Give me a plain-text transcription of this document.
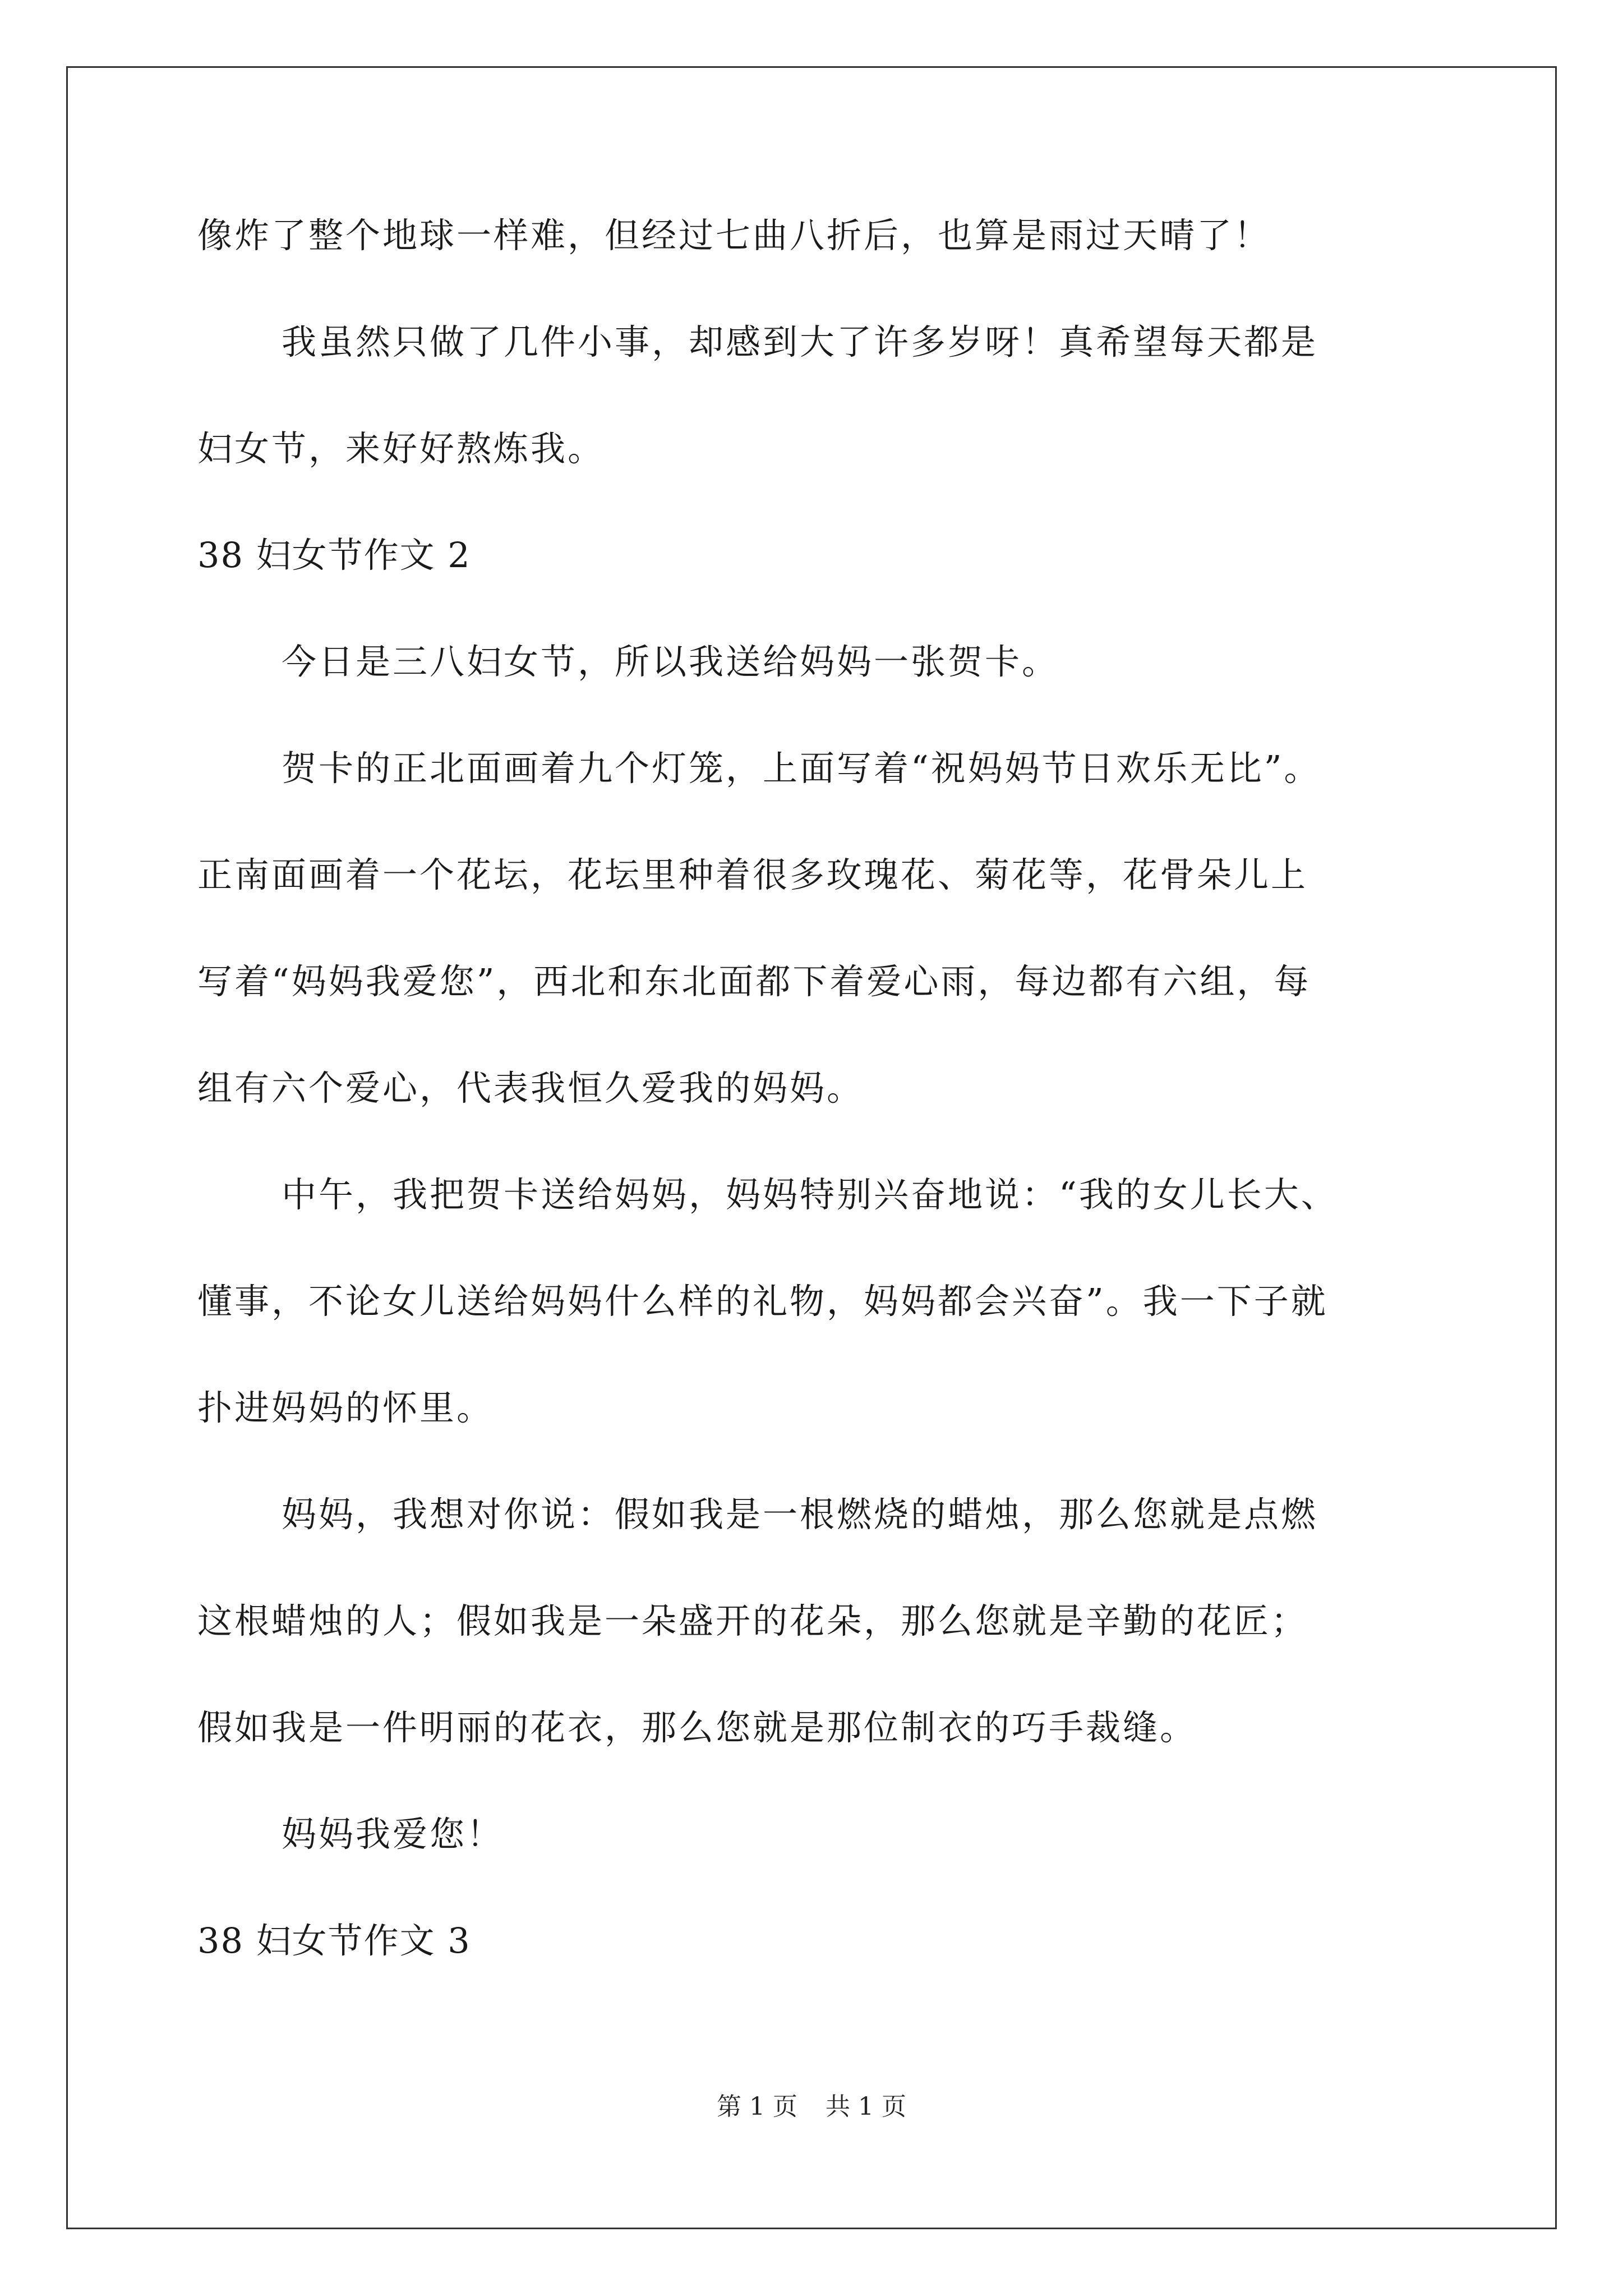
像炸了整个地球一样难，但经过七曲八折后，也算是雨过天晴了！

我虽然只做了几件小事，却感到大了许多岁呀！真希望每天都是

妇女节，来好好熬炼我。

38 妇女节作文 2

今日是三八妇女节，所以我送给妈妈一张贺卡。

贺卡的正北面画着九个灯笼，上面写着“祝妈妈节日欢乐无比”。

正南面画着一个花坛，花坛里种着很多玫瑰花、菊花等，花骨朵儿上

写着“妈妈我爱您”，西北和东北面都下着爱心雨，每边都有六组，每

组有六个爱心，代表我恒久爱我的妈妈。

中午，我把贺卡送给妈妈，妈妈特别兴奋地说：“我的女儿长大、

懂事，不论女儿送给妈妈什么样的礼物，妈妈都会兴奋”。我一下子就

扑进妈妈的怀里。

妈妈，我想对你说：假如我是一根燃烧的蜡烛，那么您就是点燃

这根蜡烛的人；假如我是一朵盛开的花朵，那么您就是辛勤的花匠；

假如我是一件明丽的花衣，那么您就是那位制衣的巧手裁缝。

妈妈我爱您！

38 妇女节作文 3

第 1 页 共 1 页
